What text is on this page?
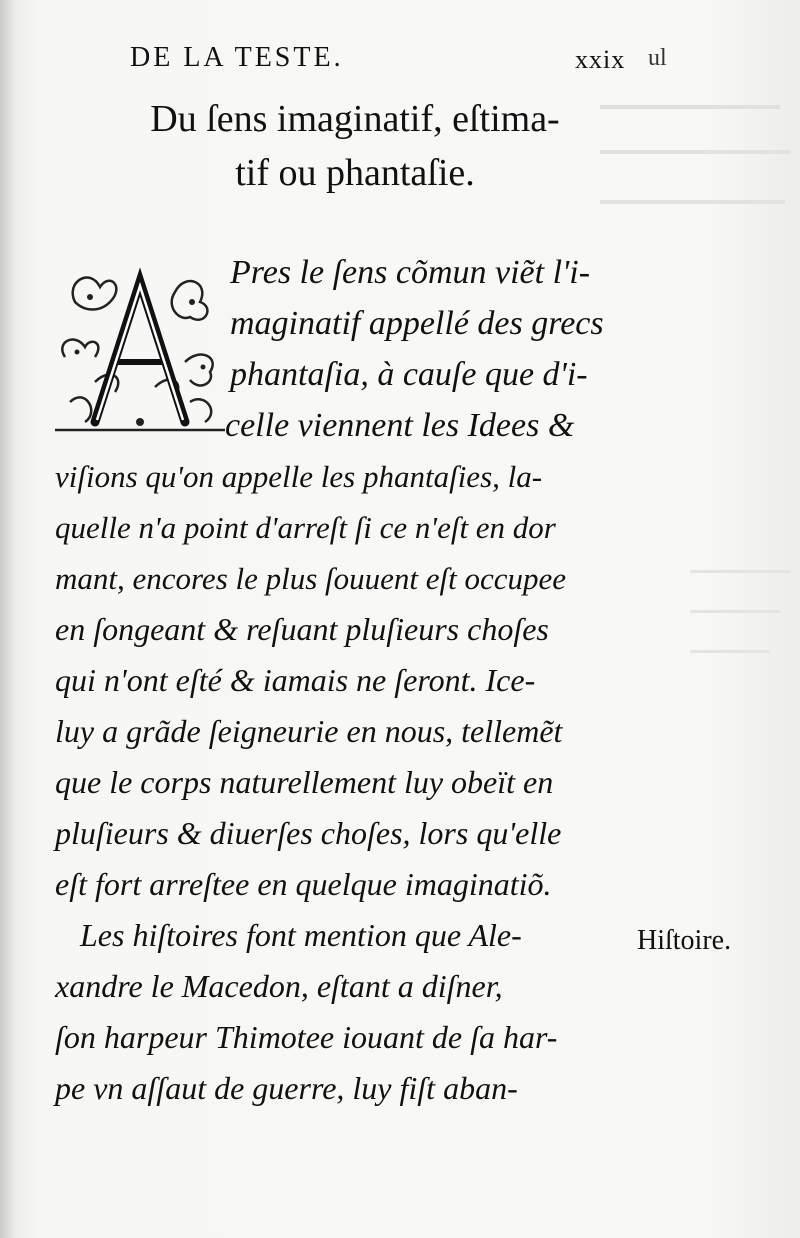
DE LA TESTE.	xxix ul
Du ſens imaginatif, eſtima-
tif ou phantaſie.
Pres le ſens cõmun viẽt l'i-
maginatif appellé des grecs
phantaſia, à cauſe que d'i-
celle viennent les Idees &
viſions qu'on appelle les phantaſies, la-
quelle n'a point d'arreſt ſi ce n'eſt en dor
mant, encores le plus ſouuent eſt occupee
en ſongeant & reſuant pluſieurs choſes
qui n'ont eſté & iamais ne ſeront. Ice-
luy a grãde ſeigneurie en nous, tellemẽt
que le corps naturellement luy obeït en
pluſieurs & diuerſes choſes, lors qu'elle
eſt fort arreſtee en quelque imaginatiõ.
Les hiſtoires font mention que Ale-
xandre le Macedon, eſtant a diſner,
ſon harpeur Thimotee iouant de ſa har-
pe vn aſſaut de guerre, luy fiſt aban-
Hiſtoire.
